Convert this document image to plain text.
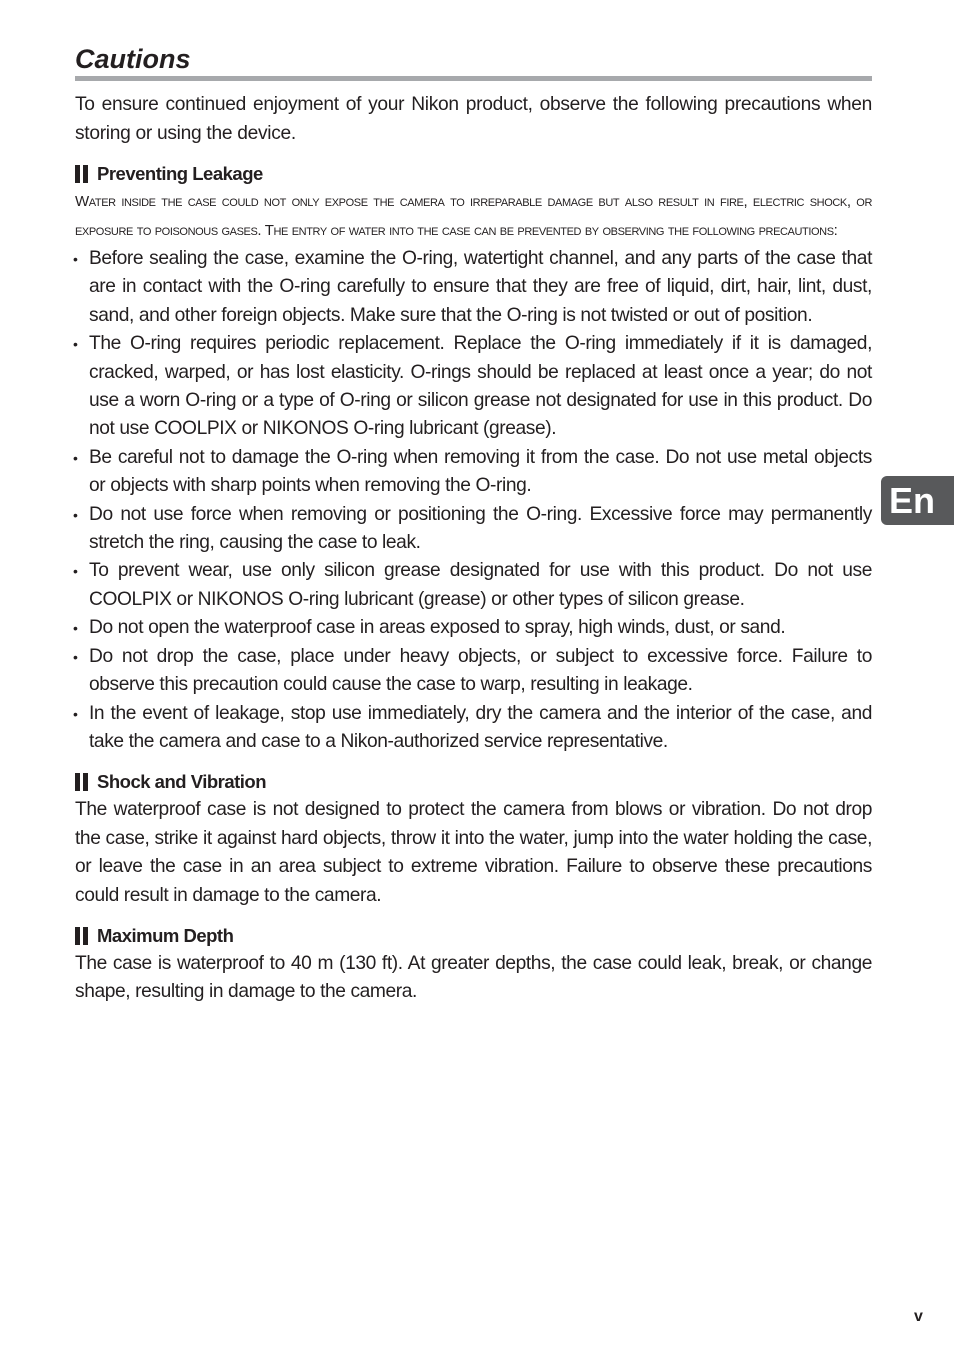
Cautions

To ensure continued enjoyment of your Nikon product, observe the following precautions when storing or using the device.

Preventing Leakage

Water inside the case could not only expose the camera to irreparable damage but also result in fire, electric shock, or exposure to poisonous gases. The entry of water into the case can be prevented by observing the following precautions:

• Before sealing the case, examine the O-ring, watertight channel, and any parts of the case that are in contact with the O-ring carefully to ensure that they are free of liquid, dirt, hair, lint, dust, sand, and other foreign objects. Make sure that the O-ring is not twisted or out of position.
• The O-ring requires periodic replacement. Replace the O-ring immediately if it is damaged, cracked, warped, or has lost elasticity. O-rings should be replaced at least once a year; do not use a worn O-ring or a type of O-ring or silicon grease not designated for use in this product. Do not use COOLPIX or NIKONOS O-ring lubricant (grease).
• Be careful not to damage the O-ring when removing it from the case. Do not use metal objects or objects with sharp points when removing the O-ring.
• Do not use force when removing or positioning the O-ring. Excessive force may permanently stretch the ring, causing the case to leak.
• To prevent wear, use only silicon grease designated for use with this product. Do not use COOLPIX or NIKONOS O-ring lubricant (grease) or other types of silicon grease.
• Do not open the waterproof case in areas exposed to spray, high winds, dust, or sand.
• Do not drop the case, place under heavy objects, or subject to excessive force. Failure to observe this precaution could cause the case to warp, resulting in leakage.
• In the event of leakage, stop use immediately, dry the camera and the interior of the case, and take the camera and case to a Nikon-authorized service representative.
Shock and Vibration

The waterproof case is not designed to protect the camera from blows or vibration. Do not drop the case, strike it against hard objects, throw it into the water, jump into the water holding the case, or leave the case in an area subject to extreme vibration. Failure to observe these precautions could result in damage to the camera.

Maximum Depth

The case is waterproof to 40 m (130 ft). At greater depths, the case could leak, break, or change shape, resulting in damage to the camera.

En
v
